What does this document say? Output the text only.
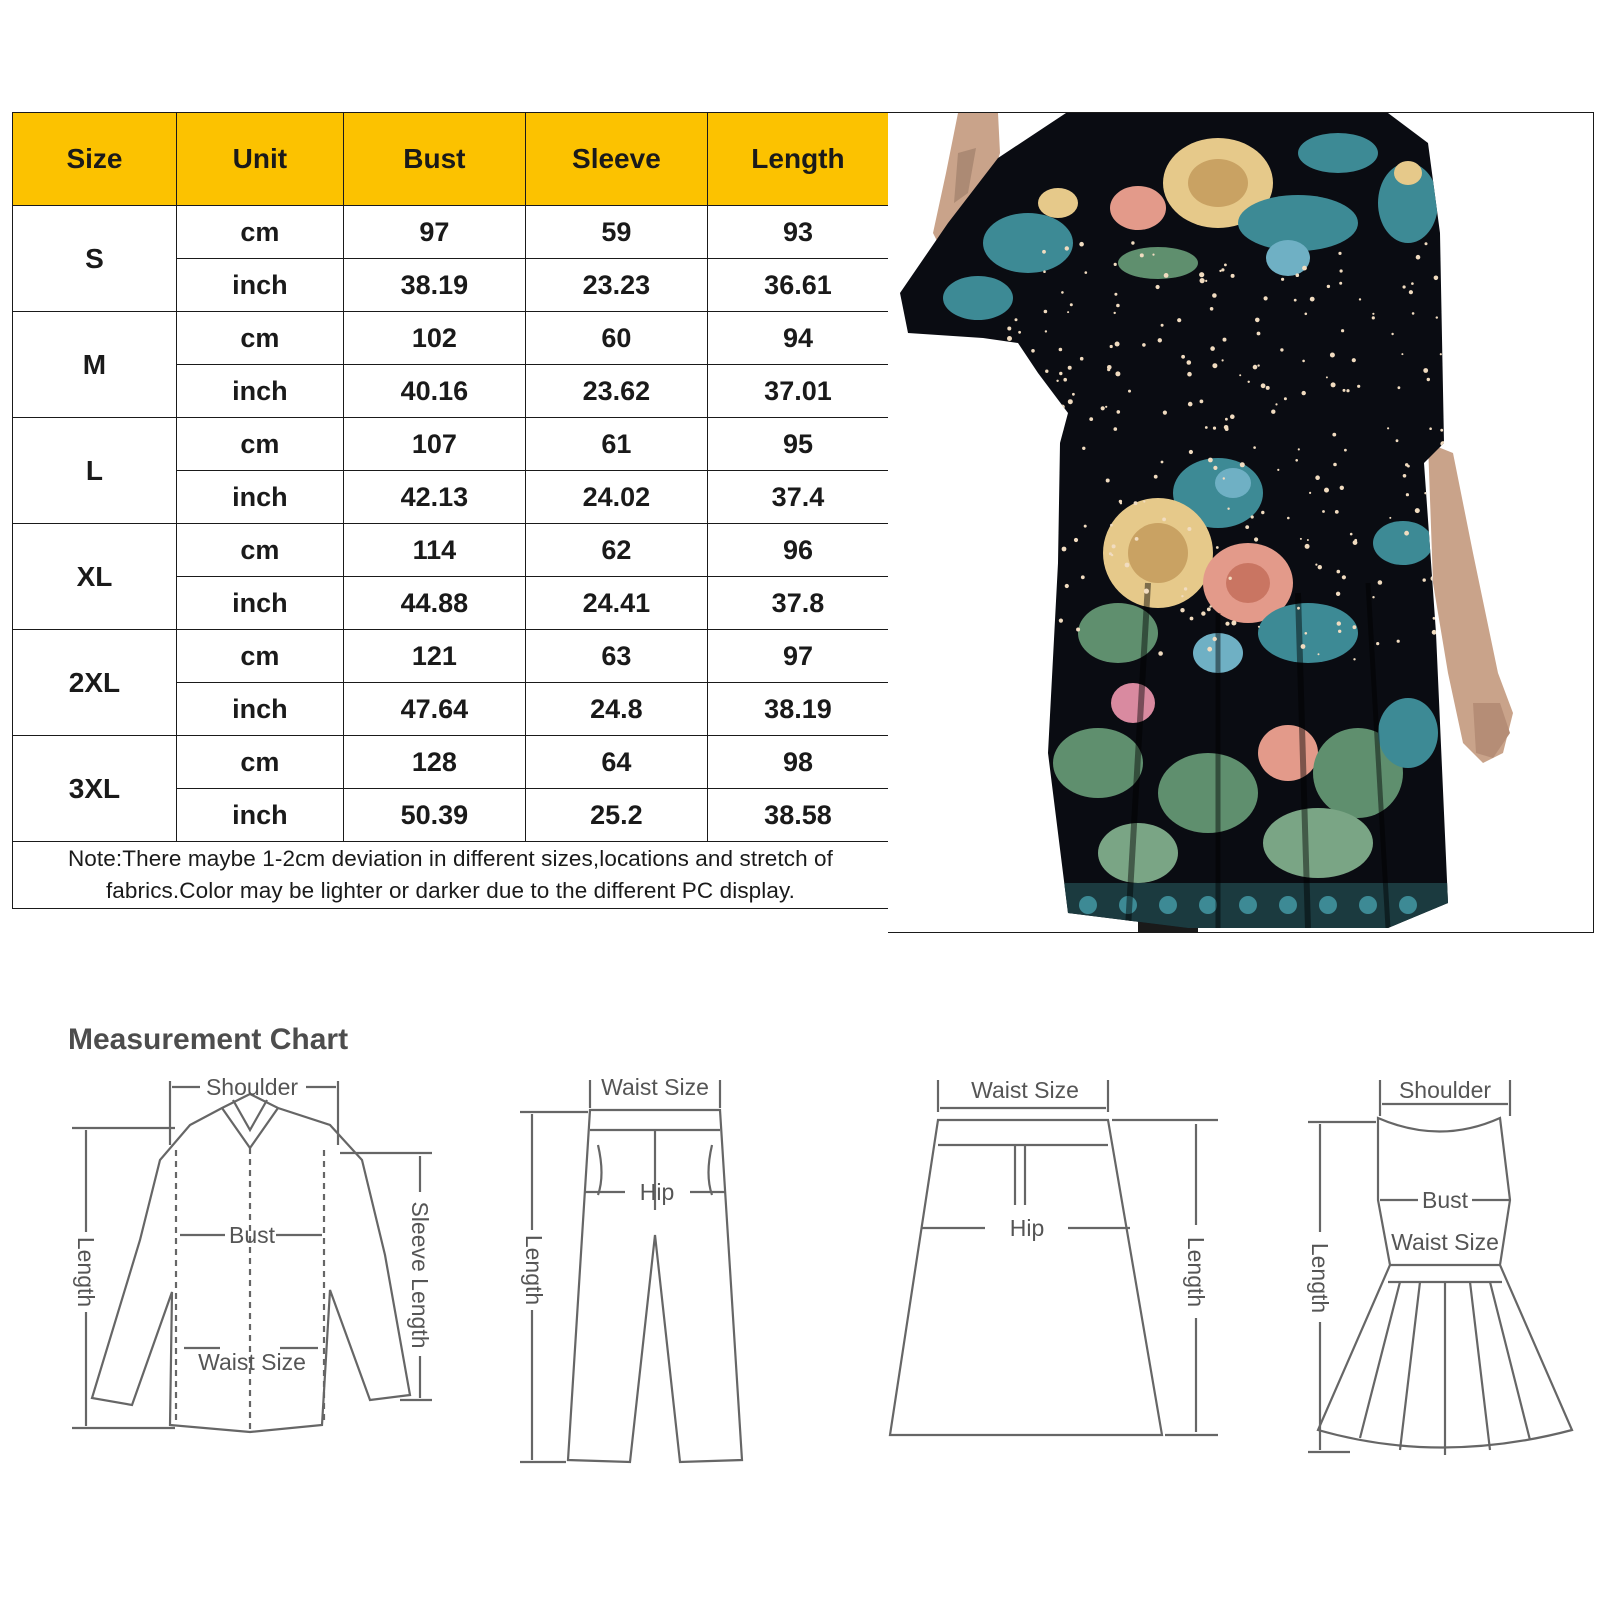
Size	Unit	Bust	Sleeve	Length
S	cm	97	59	93
	inch	38.19	23.23	36.61
M	cm	102	60	94
	inch	40.16	23.62	37.01
L	cm	107	61	95
	inch	42.13	24.02	37.4
XL	cm	114	62	96
	inch	44.88	24.41	37.8
2XL	cm	121	63	97
	inch	47.64	24.8	38.19
3XL	cm	128	64	98
	inch	50.39	25.2	38.58
Note:There maybe 1-2cm deviation in different sizes,locations and stretch of fabrics.Color may be lighter or darker due to the different PC display.				
Measurement Chart
Shoulder
Bust
Waist Size
Length	Sleeve Length
Waist Size
Hip
Length
Waist Size
Hip
Length
Shoulder
Bust
Waist Size
Length
